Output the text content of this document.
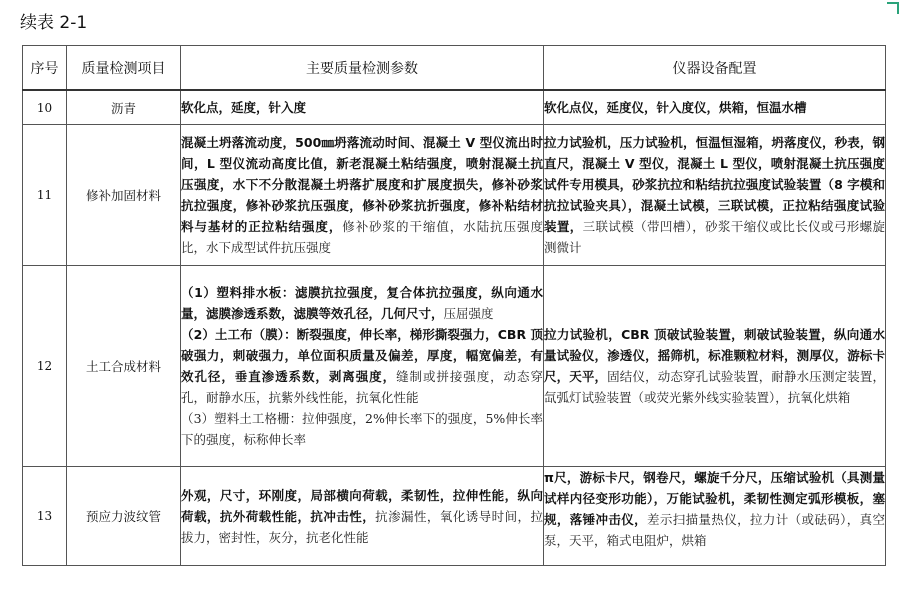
续表 2-1
序号	质量检测项目	主要质量检测参数	仪器设备配置
10	沥青	软化点，延度，针入度	软化点仪，延度仪，针入度仪，烘箱，恒温水槽
11	修补加固材料	混凝土坍落流动度，500㎜坍落流动时间、混凝土 V 型仪流出时间，L 型仪流动高度比值，新老混凝土粘结强度，喷射混凝土抗压强度，水下不分散混凝土坍落扩展度和扩展度损失，修补砂浆抗拉强度，修补砂浆抗压强度，修补砂浆抗折强度，修补粘结材料与基材的正拉粘结强度，修补砂浆的干缩值，水陆抗压强度比，水下成型试件抗压强度	拉力试验机，压力试验机，恒温恒湿箱，坍落度仪，秒表，钢直尺，混凝土 V 型仪，混凝土 L 型仪，喷射混凝土抗压强度试件专用模具，砂浆抗拉和粘结抗拉强度试验装置（8 字模和抗拉试验夹具），混凝土试模，三联试模，正拉粘结强度试验装置，三联试模（带凹槽），砂浆干缩仪或比长仪或弓形螺旋测微计
12	土工合成材料	（1）塑料排水板：滤膜抗拉强度，复合体抗拉强度，纵向通水量，滤膜渗透系数，滤膜等效孔径，几何尺寸，压屈强度
（2）土工布（膜）：断裂强度，伸长率，梯形撕裂强力，CBR 顶破强力，刺破强力，单位面积质量及偏差，厚度，幅宽偏差，有效孔径，垂直渗透系数，剥离强度，缝制或拼接强度，动态穿孔，耐静水压，抗紫外线性能，抗氧化性能
（3）塑料土工格栅：拉伸强度，2%伸长率下的强度，5%伸长率下的强度，标称伸长率	拉力试验机，CBR 顶破试验装置，刺破试验装置，纵向通水量试验仪，渗透仪，摇筛机，标准颗粒材料，测厚仪，游标卡尺，天平，固结仪，动态穿孔试验装置，耐静水压测定装置，氙弧灯试验装置（或荧光紫外线实验装置），抗氧化烘箱
13	预应力波纹管	外观，尺寸，环刚度，局部横向荷载，柔韧性，拉伸性能，纵向荷载，抗外荷载性能，抗冲击性，抗渗漏性，氧化诱导时间，拉拔力，密封性，灰分，抗老化性能	π尺，游标卡尺，钢卷尺，螺旋千分尺，压缩试验机（具测量试样内径变形功能），万能试验机，柔韧性测定弧形模板，塞规，落锤冲击仪，差示扫描量热仪，拉力计（或砝码），真空泵，天平，箱式电阻炉，烘箱
